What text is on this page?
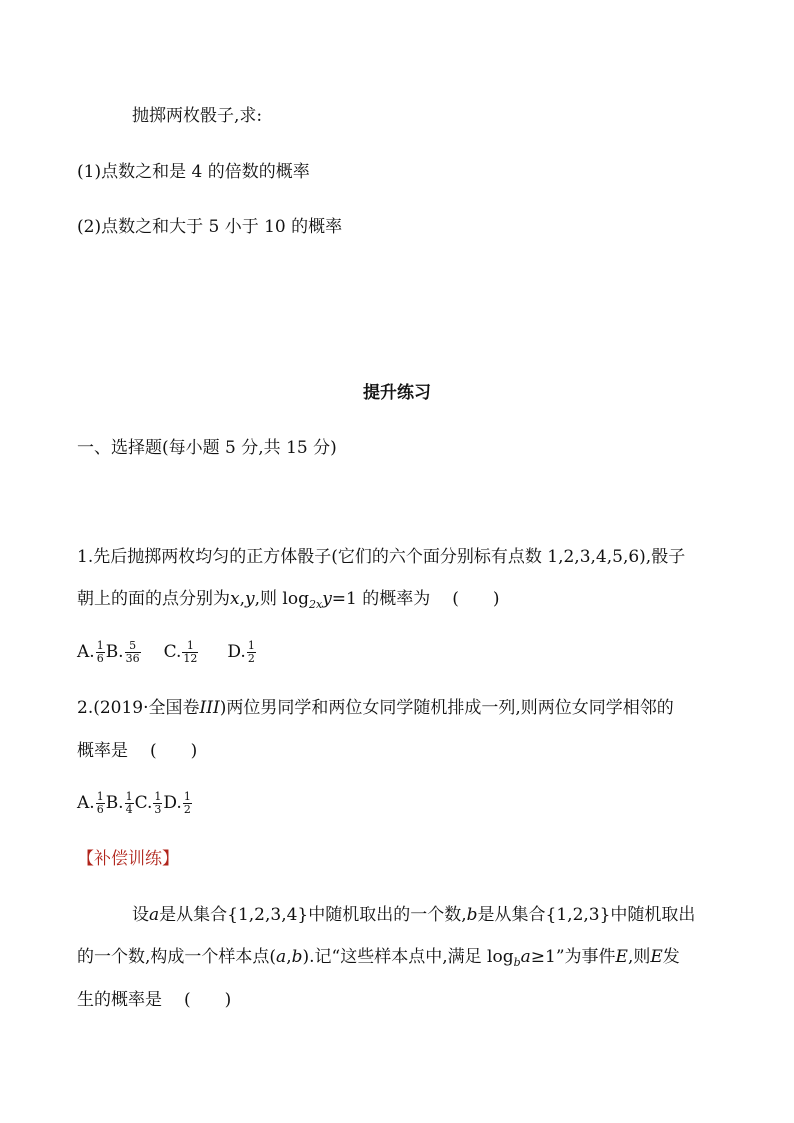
抛掷两枚骰子,求:
(1)点数之和是 4 的倍数的概率
(2)点数之和大于 5 小于 10 的概率
提升练习
一、选择题(每小题 5 分,共 15 分)
1.先后抛掷两枚均匀的正方体骰子(它们的六个面分别标有点数 1,2,3,4,5,6),骰子
朝上的面的点分别为x,y,则 $\log_{2x}y=1$ 的概率为 (　　)
A. $\frac{1}{6} B$. $\frac{5}{36} C$. $\frac{1}{12} D$. $\frac{1}{2}$
2.(2019·全国卷III)两位男同学和两位女同学随机排成一列,则两位女同学相邻的
概率是 (　　)
A. $\frac{1}{6} B$. $\frac{1}{4} C$. $\frac{1}{3} D$. $\frac{1}{2}$
【补偿训练】
设a是从集合{1,2,3,4}中随机取出的一个数,b是从集合{1,2,3}中随机取出
的一个数,构成一个样本点(a,b).记“这些样本点中,满足 $\log_ba\ge 1$”为事件E,则E发
生的概率是 (　　)
